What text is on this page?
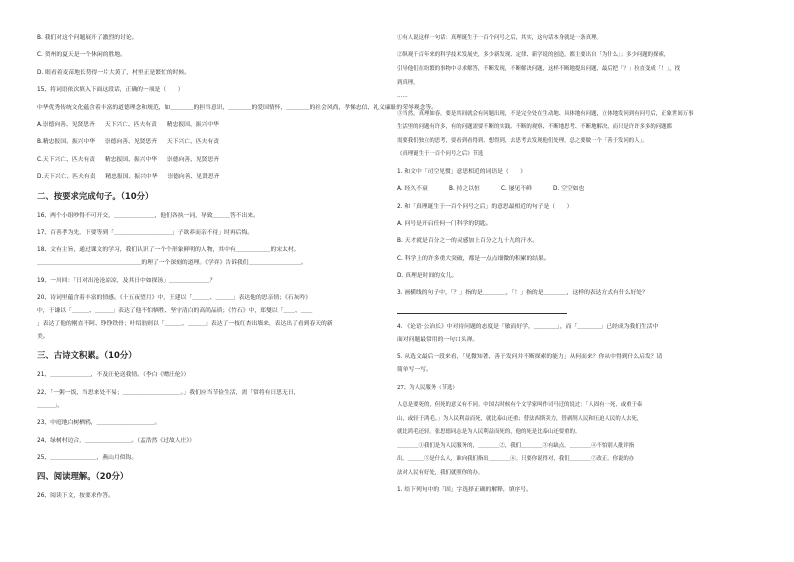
B. 我们对这个问题展开了激烈的讨论。
C. 贺州的夏天是一个休闲的胜地。
D. 眼看着麦苗地长势得一片大黄了，村里正是繁忙的时候。
15、将词语依次填入下面这段话，正确的一项是（　　）
中华优秀传统文化蕴含着丰富的道德理念和规范，如＿＿＿＿的担当意识，＿＿＿＿的爱国情怀，＿＿＿＿的社会风尚，孝悌忠信、礼义廉耻的荣辱观念等。
A. 崇德向善、见贤思齐	天下兴亡、匹夫有责	精忠报国、振兴中华
B. 精忠报国、振兴中华	崇德向善、见贤思齐	天下兴亡、匹夫有责
C. 天下兴亡、匹夫有责	精忠报国、振兴中华	崇德向善、见贤思齐
D. 天下兴亡、匹夫有责	精忠报国、振兴中华	崇德向善、见贤思齐
二、按要求完成句子。（10分）
16、两个小组吵得不可开交，＿＿＿＿＿＿＿，他们各执一词，导致＿＿＿答不出来。
17、百善孝为先，下要等到「＿＿＿＿＿＿＿＿＿＿」子欲养而亲不待」时再后悔。
18、文有主旨，通过课文的学习，我们认识了一个个形象鲜明的人物，其中有＿＿＿＿＿＿的宋太村。
＿＿＿＿＿＿＿＿＿＿＿＿＿＿＿＿＿＿的理了一个深刻的道理。《学弈》告诉我们＿＿＿＿＿＿＿＿＿。
19、一川回：「日对出沧沧凉凉，及其日中如探汤」＿＿＿＿＿＿＿？
20、诗词里蕴含着丰富的情感。《十五夜望月》中，王建以「＿＿＿、＿＿＿」表达他的思亲情；《石灰吟》
中，于谦以「＿＿＿、＿＿＿」表达了他不怕牺牲、坚守清白的高尚品质；《竹石》中，郑燮以「＿＿、＿＿
」表达了他的刚直不阿、铮铮铁骨；叶绍翁则以「＿＿＿、＿＿＿」表达了一枝红杏出墙来，表达出了看到春天的新
美。
三、古诗文积累。（10分）
21、＿＿＿＿＿＿＿，不及汪伦送我情。（李白《赠汪伦》）
22、「一粥一饭，当思来处不易；＿＿＿＿＿＿＿＿＿＿。」我们应当节俭生活，需「常将有日思无日，
＿＿＿」。
23、中庭地白树栖鸦，＿＿＿＿＿＿＿＿＿＿。
24、绿树村边合，＿＿＿＿＿＿＿＿。（孟浩然《过故人庄》）
25、＿＿＿＿＿＿＿＿，燕山月似钩。
四、阅读理解。（20分）
26、阅读下文，按要求作答。
①有人说这样一句话：真理诞生于一百个问号之后，其实，这句话本身就是一条真理。
②纵观千百年来的科学技术发展史，多少新发现、定律、新学说的创造，都主要出自「为什么」；多少问题的探索，
引导他们在纷繁的事物中寻求解答，不断发现，不断解决问题，这样不断地提出问题，最后把「？」拉直变成「！」，找
到真理。
……
③当然，真理如春，要是其间就会有问题出现，不是完全处在生动地、具体地有问题，立体地发问到有问号后，正象世间万事
生活里的问题有许多，有的问题需要不断的实践、不断的观察、不断地思考、不断地解决，而只是许许多多的问题都
需要我们独立的思考，要看到看得到、想得到，去思考去发现他们处理，总之要做一个「善于发问的人」。
《真理诞生于一百个问号之后》节选
1. 和文中「司空见惯」意思相近的词语是（　　）
A. 经久不衰	B. 持之以恒	C. 屡见不鲜	D. 空空如也
2. 和「真理诞生于一百个问号之后」的意思最相近的句子是（　　）
A. 问号是开启任何一门科学的钥匙。
B. 天才就是百分之一的灵感加上百分之九十九的汗水。
C. 科学上的许多重大突破，都是一点点细微的积累的结果。
D. 真理是时间的女儿。
3. 画横线的句子中，「？」指的是＿＿＿＿，「！」指的是＿＿＿＿，这样的表达方式有什么好处？
4. 《论语·公冶长》中对待问题的态度是「敏而好学，＿＿＿＿」，而「＿＿＿＿」已经成为我们生活中
面对问题最常用的一句口头禅。
5. 从选文最后一段来看，「见微知著、善于发问并不断探索的能力」从何而来？你从中得到什么启发？请
简单写一写。
27、为人民服务（节选）
人总是要死的，但死的意义有不同。中国古时候有个文学家叫作司马迁的说过：「人固有一死，或重于泰
山，或轻于鸿毛。」为人民利益而死，就比泰山还重；替法西斯卖力，替剥削人民和压迫人民的人去死，
就比鸿毛还轻。张思德同志是为人民利益而死的，他的死是比泰山还要重的。
＿＿＿＿①我们是为人民服务的，＿＿＿＿②，我们＿＿＿＿③有缺点，＿＿＿＿④不怕别人批评指
出。＿＿＿⑤是什么人，谁向我们指出＿＿＿＿⑥。只要你说得对，我们＿＿＿＿⑦改正。你说的办
法对人民有好处，我们就照你的办。
1. 给下列句中的「固」字选择正确的解释，填序号。
